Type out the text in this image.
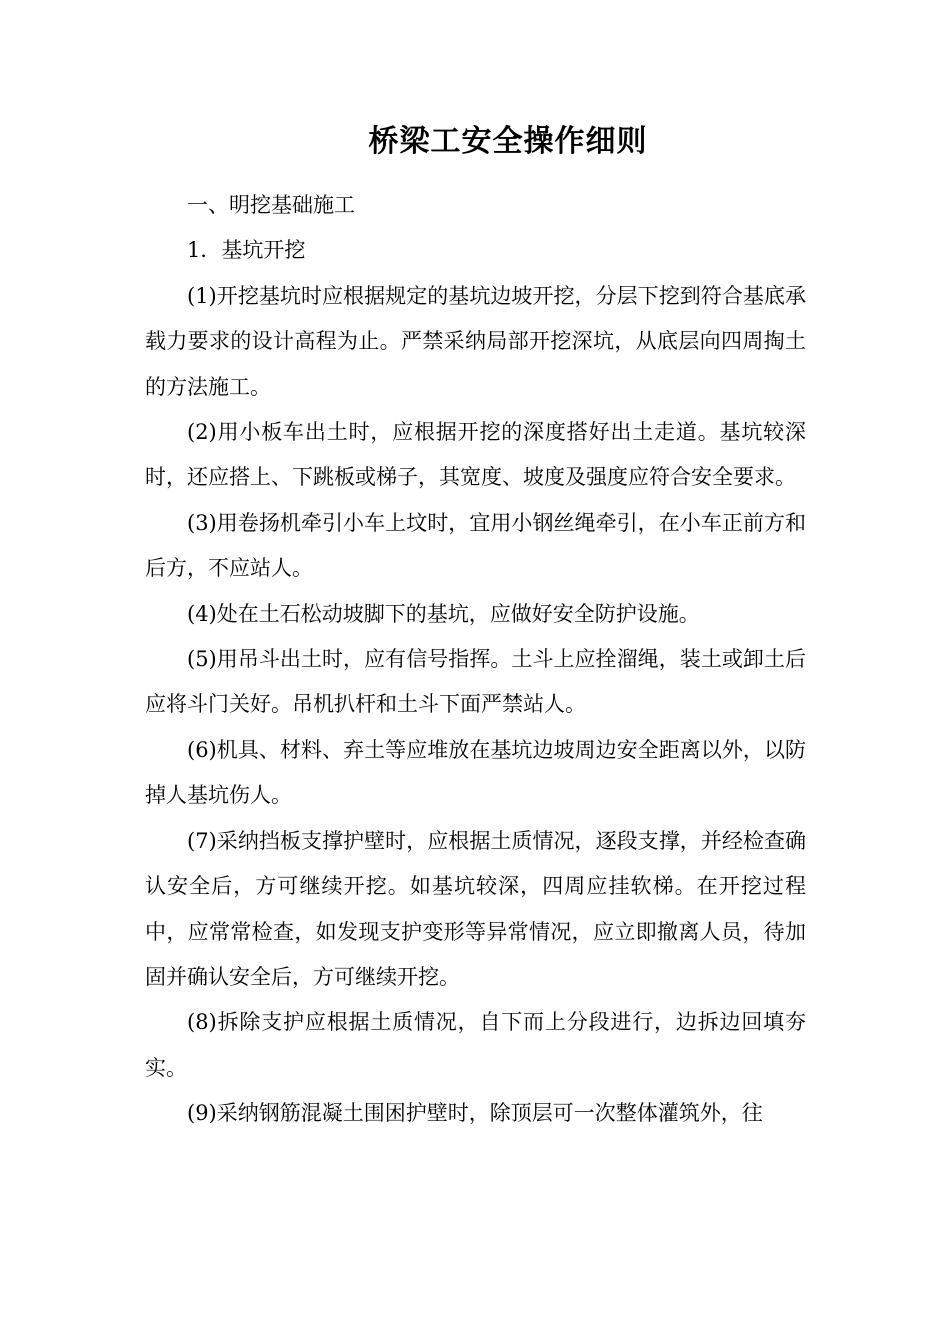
桥梁工安全操作细则

一、明挖基础施工

1．基坑开挖

(1)开挖基坑时应根据规定的基坑边坡开挖，分层下挖到符合基底承载力要求的设计高程为止。严禁采纳局部开挖深坑，从底层向四周掏土的方法施工。

(2)用小板车出土时，应根据开挖的深度搭好出土走道。基坑较深时，还应搭上、下跳板或梯子，其宽度、坡度及强度应符合安全要求。

(3)用卷扬机牵引小车上坟时，宜用小钢丝绳牵引，在小车正前方和后方，不应站人。

(4)处在土石松动坡脚下的基坑，应做好安全防护设施。

(5)用吊斗出土时，应有信号指挥。土斗上应拴溜绳，装土或卸土后应将斗门关好。吊机扒杆和土斗下面严禁站人。

(6)机具、材料、弃土等应堆放在基坑边坡周边安全距离以外，以防掉人基坑伤人。

(7)采纳挡板支撑护壁时，应根据土质情况，逐段支撑，并经检查确认安全后，方可继续开挖。如基坑较深，四周应挂软梯。在开挖过程中，应常常检查，如发现支护变形等异常情况，应立即撤离人员，待加固并确认安全后，方可继续开挖。

(8)拆除支护应根据土质情况，自下而上分段进行，边拆边回填夯实。

(9)采纳钢筋混凝土围困护壁时，除顶层可一次整体灌筑外，往
